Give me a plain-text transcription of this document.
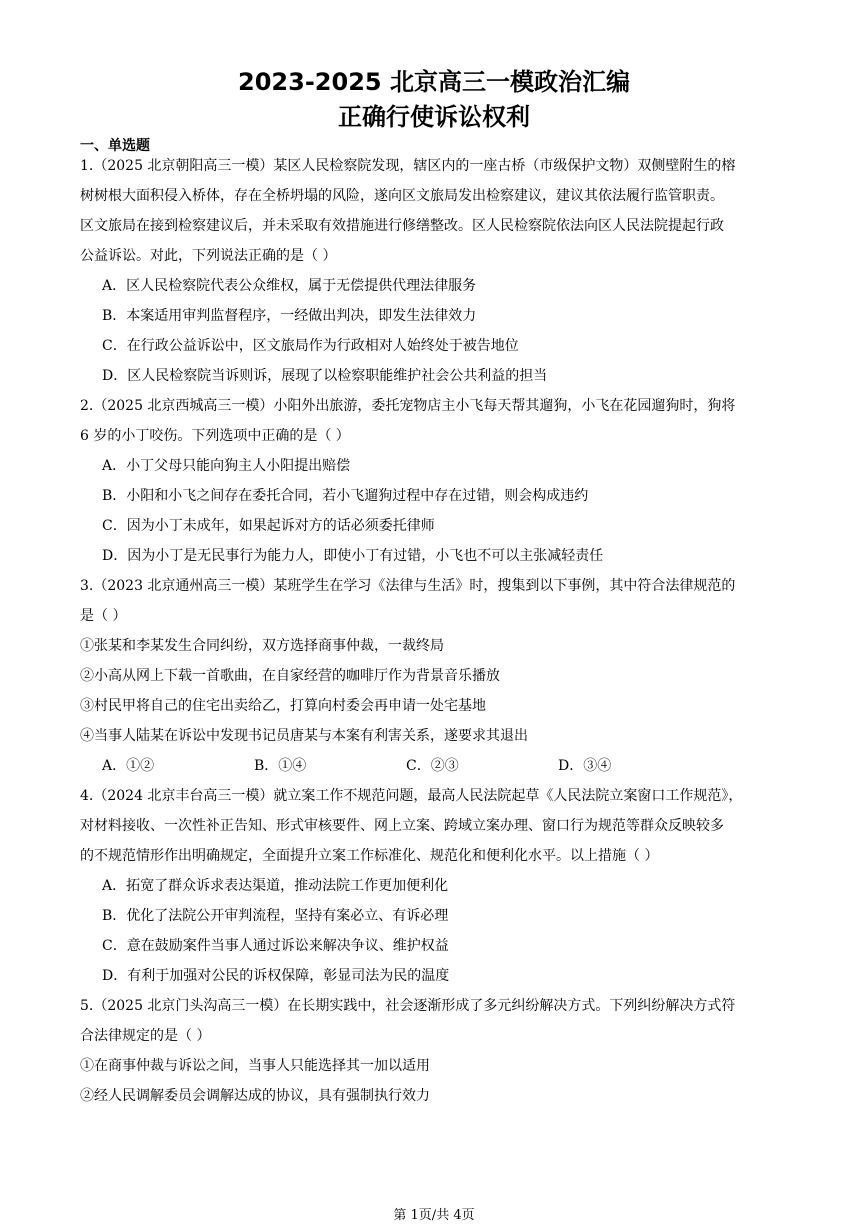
2023-2025 北京高三一模政治汇编
正确行使诉讼权利
一、单选题
1.（2025 北京朝阳高三一模）某区人民检察院发现，辖区内的一座古桥（市级保护文物）双侧壁附生的榕
树树根大面积侵入桥体，存在全桥坍塌的风险，遂向区文旅局发出检察建议，建议其依法履行监管职责。
区文旅局在接到检察建议后，并未采取有效措施进行修缮整改。区人民检察院依法向区人民法院提起行政
公益诉讼。对此，下列说法正确的是（ ）
A．区人民检察院代表公众维权，属于无偿提供代理法律服务
B．本案适用审判监督程序，一经做出判决，即发生法律效力
C．在行政公益诉讼中，区文旅局作为行政相对人始终处于被告地位
D．区人民检察院当诉则诉，展现了以检察职能维护社会公共利益的担当
2.（2025 北京西城高三一模）小阳外出旅游，委托宠物店主小飞每天帮其遛狗，小飞在花园遛狗时，狗将
6 岁的小丁咬伤。下列选项中正确的是（ ）
A．小丁父母只能向狗主人小阳提出赔偿
B．小阳和小飞之间存在委托合同，若小飞遛狗过程中存在过错，则会构成违约
C．因为小丁未成年，如果起诉对方的话必须委托律师
D．因为小丁是无民事行为能力人，即使小丁有过错，小飞也不可以主张减轻责任
3.（2023 北京通州高三一模）某班学生在学习《法律与生活》时，搜集到以下事例，其中符合法律规范的
是（ ）
①张某和李某发生合同纠纷，双方选择商事仲裁，一裁终局
②小高从网上下载一首歌曲，在自家经营的咖啡厅作为背景音乐播放
③村民甲将自己的住宅出卖给乙，打算向村委会再申请一处宅基地
④当事人陆某在诉讼中发现书记员唐某与本案有利害关系，遂要求其退出
A．①②	B．①④	C．②③	D．③④
4.（2024 北京丰台高三一模）就立案工作不规范问题，最高人民法院起草《人民法院立案窗口工作规范》，
对材料接收、一次性补正告知、形式审核要件、网上立案、跨域立案办理、窗口行为规范等群众反映较多
的不规范情形作出明确规定，全面提升立案工作标准化、规范化和便利化水平。以上措施（ ）
A．拓宽了群众诉求表达渠道，推动法院工作更加便利化
B．优化了法院公开审判流程，坚持有案必立、有诉必理
C．意在鼓励案件当事人通过诉讼来解决争议、维护权益
D．有利于加强对公民的诉权保障，彰显司法为民的温度
5.（2025 北京门头沟高三一模）在长期实践中，社会逐渐形成了多元纠纷解决方式。下列纠纷解决方式符
合法律规定的是（ ）
①在商事仲裁与诉讼之间，当事人只能选择其一加以适用
②经人民调解委员会调解达成的协议，具有强制执行效力
第 1页/共 4页
